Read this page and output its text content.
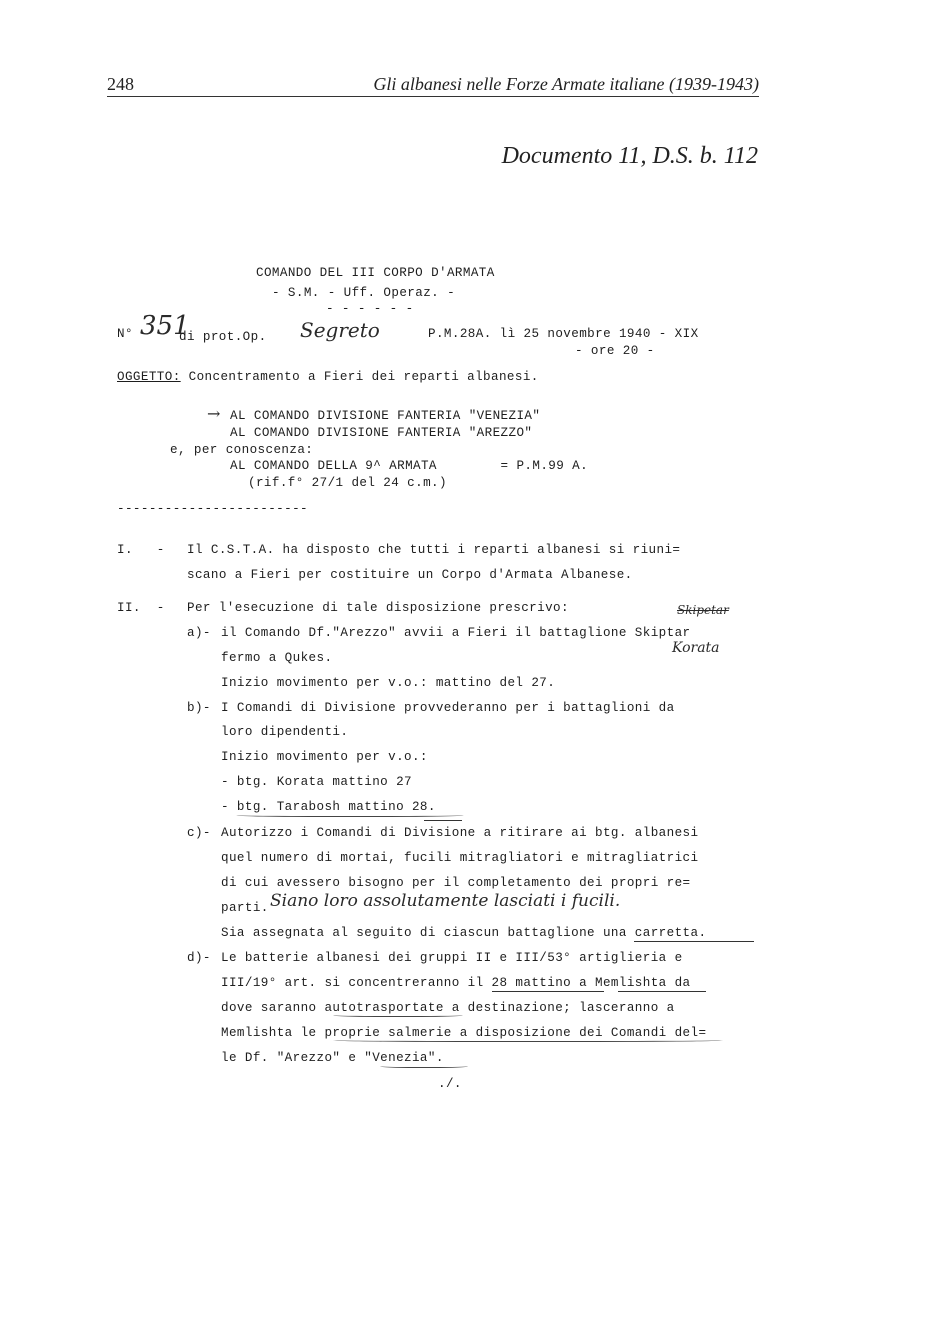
248	Gli albanesi nelle Forze Armate italiane (1939-1943)
Documento 11, D.S. b. 112
COMANDO DEL III CORPO D'ARMATA
- S.M. - Uff. Operaz. -
- - - - - -
N° 351
di prot.Op. Segreto	P.M.28A. lì 25 novembre 1940 - XIX
- ore 20 -
OGGETTO: Concentramento a Fieri dei reparti albanesi.
→ AL COMANDO DIVISIONE FANTERIA "VENEZIA"
AL COMANDO DIVISIONE FANTERIA "AREZZO"
e, per conoscenza:
AL COMANDO DELLA 9^ ARMATA        = P.M.99 A.
(rif.f° 27/1 del 24 c.m.)
------------------------
I.   - Il C.S.T.A. ha disposto che tutti i reparti albanesi si riuni=
scano a Fieri per costituire un Corpo d'Armata Albanese.
II.  - Per l'esecuzione di tale disposizione prescrivo:
a)- il Comando Df."Arezzo" avvii a Fieri il battaglione Skiptar
Skipetar
Korata
fermo a Qukes.
Inizio movimento per v.o.: mattino del 27.
b)- I Comandi di Divisione provvederanno per i battaglioni da
loro dipendenti.
Inizio movimento per v.o.:
- btg. Korata mattino 27
- btg. Tarabosh mattino 28.
c)- Autorizzo i Comandi di Divisione a ritirare ai btg. albanesi
quel numero di mortai, fucili mitragliatori e mitragliatrici
di cui avessero bisogno per il completamento dei propri re=
parti. Siano loro assolutamente lasciati i fucili.
Sia assegnata al seguito di ciascun battaglione una carretta.
d)- Le batterie albanesi dei gruppi II e III/53° artiglieria e
III/19° art. si concentreranno il 28 mattino a Memlishta da
dove saranno autotrasportate a destinazione; lasceranno a
Memlishta le proprie salmerie a disposizione dei Comandi del=
le Df. "Arezzo" e "Venezia".
./.
